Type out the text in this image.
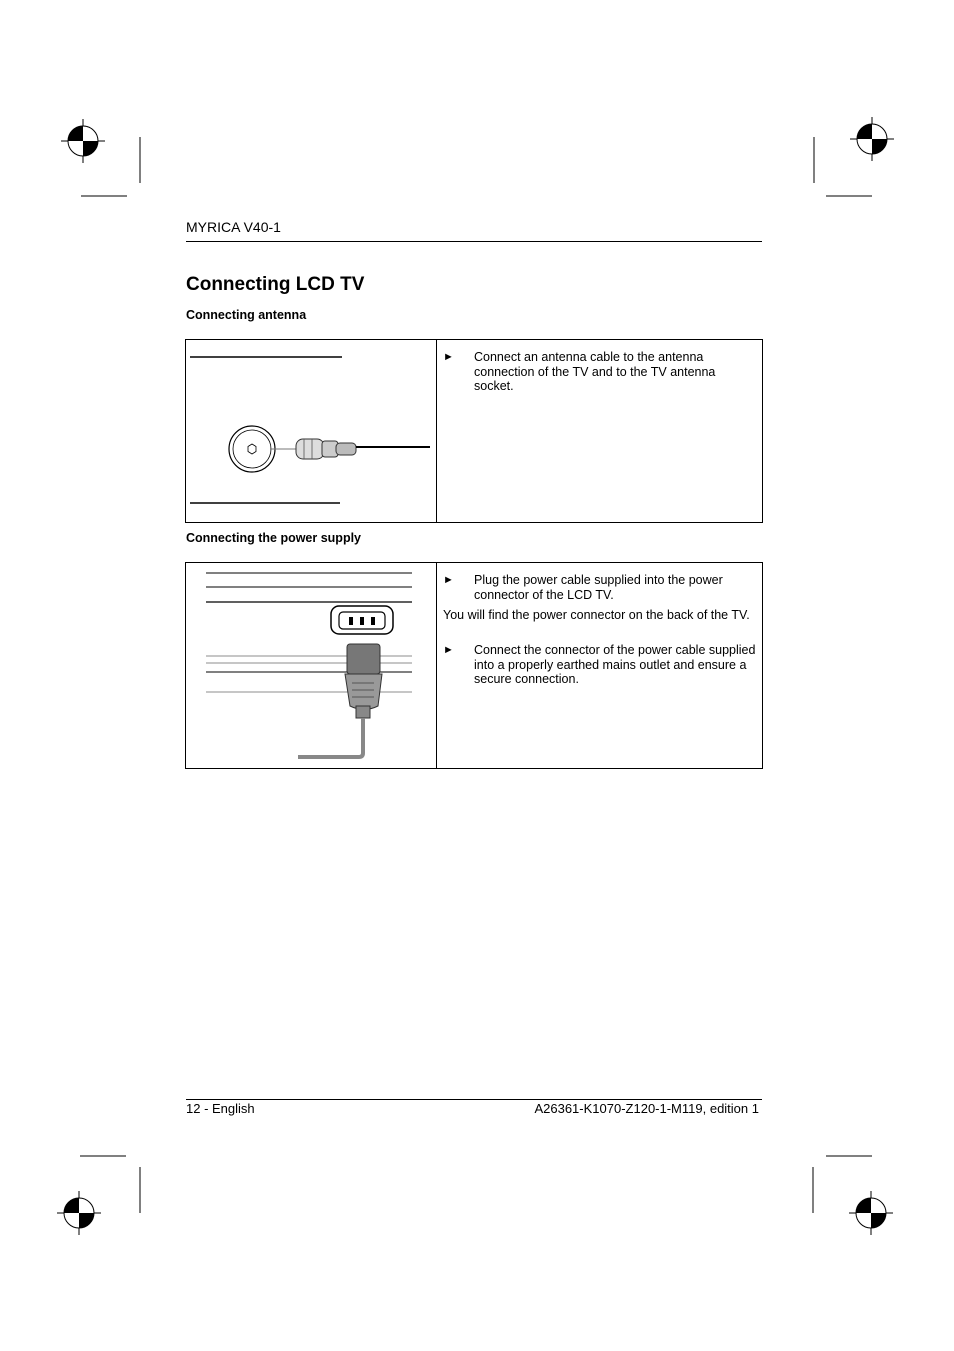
MYRICA V40-1
Connecting LCD TV
Connecting antenna
► Connect an antenna cable to the antenna connection of the TV and to the TV antenna socket.
Connecting the power supply
► Plug the power cable supplied into the power connector of the LCD TV.
You will find the power connector on the back of the TV.
► Connect the connector of the power cable supplied into a properly earthed mains outlet and ensure a secure connection.
12 - English	A26361-K1070-Z120-1-M119, edition 1
